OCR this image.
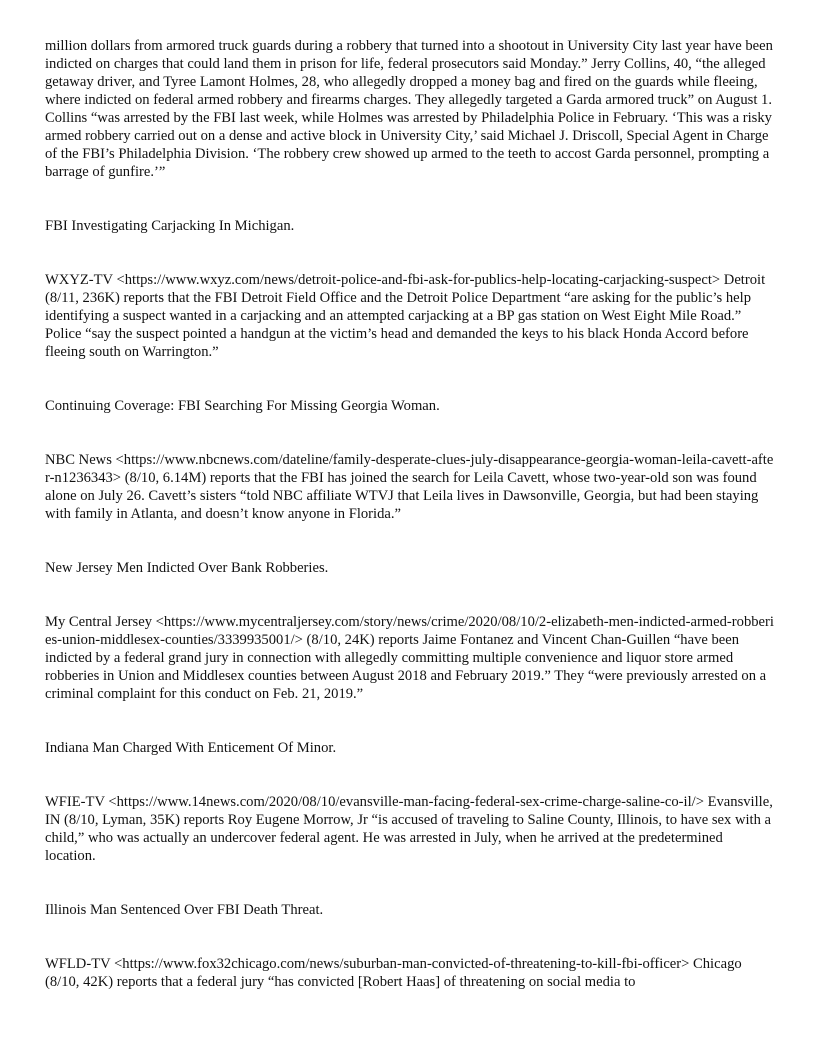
million dollars from armored truck guards during a robbery that turned into a shootout in University City last year have been indicted on charges that could land them in prison for life, federal prosecutors said Monday.” Jerry Collins, 40, “the alleged getaway driver, and Tyree Lamont Holmes, 28, who allegedly dropped a money bag and fired on the guards while fleeing, where indicted on federal armed robbery and firearms charges. They allegedly targeted a Garda armored truck” on August 1. Collins “was arrested by the FBI last week, while Holmes was arrested by Philadelphia Police in February. ‘This was a risky armed robbery carried out on a dense and active block in University City,’ said Michael J. Driscoll, Special Agent in Charge of the FBI’s Philadelphia Division. ‘The robbery crew showed up armed to the teeth to accost Garda personnel, prompting a barrage of gunfire.’”

FBI Investigating Carjacking In Michigan.

WXYZ-TV <https://www.wxyz.com/news/detroit-police-and-fbi-ask-for-publics-help-locating-carjacking-suspect> Detroit (8/11, 236K) reports that the FBI Detroit Field Office and the Detroit Police Department “are asking for the public’s help identifying a suspect wanted in a carjacking and an attempted carjacking at a BP gas station on West Eight Mile Road.” Police “say the suspect pointed a handgun at the victim’s head and demanded the keys to his black Honda Accord before fleeing south on Warrington.”

Continuing Coverage: FBI Searching For Missing Georgia Woman.

NBC News <https://www.nbcnews.com/dateline/family-desperate-clues-july-disappearance-georgia-woman-leila-cavett-after-n1236343> (8/10, 6.14M) reports that the FBI has joined the search for Leila Cavett, whose two-year-old son was found alone on July 26. Cavett’s sisters “told NBC affiliate WTVJ that Leila lives in Dawsonville, Georgia, but had been staying with family in Atlanta, and doesn’t know anyone in Florida.”

New Jersey Men Indicted Over Bank Robberies.

My Central Jersey <https://www.mycentraljersey.com/story/news/crime/2020/08/10/2-elizabeth-men-indicted-armed-robberies-union-middlesex-counties/3339935001/> (8/10, 24K) reports Jaime Fontanez and Vincent Chan-Guillen “have been indicted by a federal grand jury in connection with allegedly committing multiple convenience and liquor store armed robberies in Union and Middlesex counties between August 2018 and February 2019.” They “were previously arrested on a criminal complaint for this conduct on Feb. 21, 2019.”

Indiana Man Charged With Enticement Of Minor.

WFIE-TV <https://www.14news.com/2020/08/10/evansville-man-facing-federal-sex-crime-charge-saline-co-il/> Evansville, IN (8/10, Lyman, 35K) reports Roy Eugene Morrow, Jr “is accused of traveling to Saline County, Illinois, to have sex with a child,” who was actually an undercover federal agent. He was arrested in July, when he arrived at the predetermined location.

Illinois Man Sentenced Over FBI Death Threat.

WFLD-TV <https://www.fox32chicago.com/news/suburban-man-convicted-of-threatening-to-kill-fbi-officer> Chicago (8/10, 42K) reports that a federal jury “has convicted [Robert Haas] of threatening on social media to
